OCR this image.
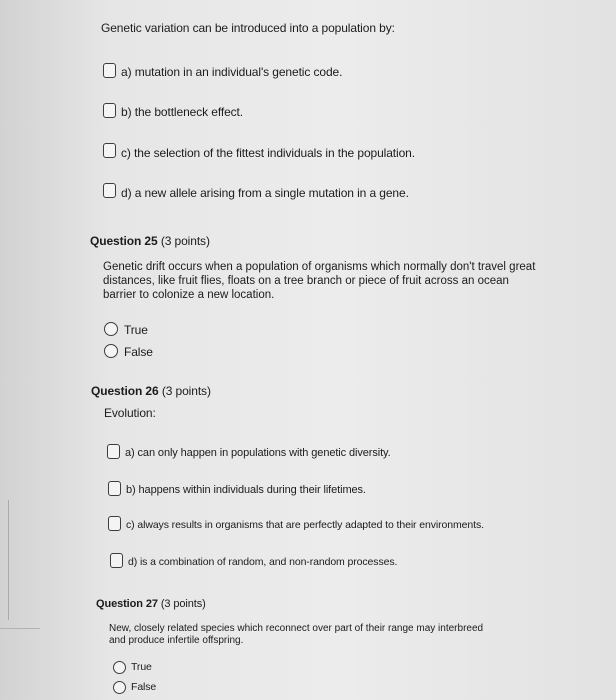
Genetic variation can be introduced into a population by:
a) mutation in an individual's genetic code.
b) the bottleneck effect.
c) the selection of the fittest individuals in the population.
d) a new allele arising from a single mutation in a gene.
Question 25 (3 points)
Genetic drift occurs when a population of organisms which normally don't travel great
distances, like fruit flies, floats on a tree branch or piece of fruit across an ocean
barrier to colonize a new location.
True
False
Question 26 (3 points)
Evolution:
a) can only happen in populations with genetic diversity.
b) happens within individuals during their lifetimes.
c) always results in organisms that are perfectly adapted to their environments.
d) is a combination of random, and non-random processes.
Question 27 (3 points)
New, closely related species which reconnect over part of their range may interbreed
and produce infertile offspring.
True
False
